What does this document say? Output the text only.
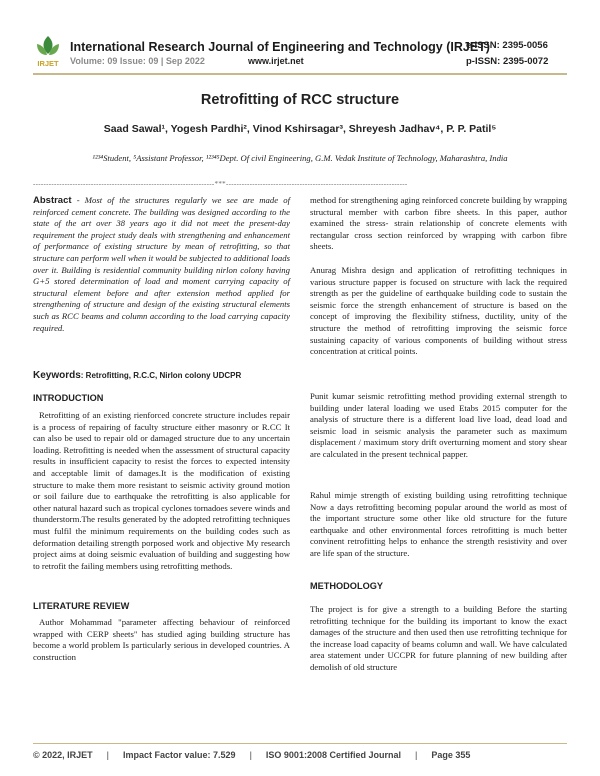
IRJET
International Research Journal of Engineering and Technology (IRJET)
e-ISSN: 2395-0056
Volume: 09 Issue: 09 | Sep 2022	www.irjet.net	p-ISSN: 2395-0072
Retrofitting of RCC structure
Saad Sawal¹, Yogesh Pardhi², Vinod Kshirsagar³, Shreyesh Jadhav⁴, P. P. Patil⁵
¹²³⁴Student, ⁵Assistant Professor, ¹²³⁴⁵Dept. Of civil Engineering, G.M. Vedak Institute of Technology, Maharashtra, India
---------------------------------------------------------------------***---------------------------------------------------------------------
Abstract - Most of the structures regularly we see are made of reinforced cement concrete. The building was designed according to the state of the art over 38 years ago it did not meet the present-day requirement the project study deals with strengthening and enhancement of performance of existing structure by mean of retrofitting, so that structure can perform well when it would be subjected to additional loads over it. Building is residential community building nirlon colony having G+5 stored determination of load and moment carrying capacity of structural element before and after extension method applied for strengthening of structure and design of the existing structural elements such as RCC beams and column according to the load carrying capacity required.
Keywords: Retrofitting, R.C.C, Nirlon colony UDCPR
INTRODUCTION
Retrofitting of an existing rienforced concrete structure includes repair is a process of repairing of faculty structure either masonry or R.CC It can also be used to repair old or damaged structure due to any uncertain loading. Retrofitting is needed when the assessment of structural capacity results in insufficient capacity to resist the forces to expected intensity and acceptable limit of damages.It is the modification of existing structure to make them more resistant to seismic activity ground motion or soil failure due to earthquake the retrofitting is also applicable for other natural hazard such as tropical cyclones tornadoes severe winds and thunderstorm.The results generated by the adopted retrofitting techniques must fulfil the minimum requirements on the building codes such as deformation detailing strength porposed work and objective My research project aims at doing seismic evaluation of building and suggesting how to retrofit the failing members using retrofitting methods.
LITERATURE REVIEW
Author Mohammad "parameter affecting behaviour of reinforced wrapped with CERP sheets" has studied aging building structure has become a world problem Is particularly serious in developed countries. A construction
method for strengthening aging reinforced concrete building by wrapping structural member with carbon fibre sheets. In this paper, author examined the stress- strain relationship of concrete elements with rectangular cross section reinforced by wrapping with carbon fibre sheets.
Anurag Mishra design and application of retrofitting techniques in various structure papper is focused on structure with lack the required strength as per the guideline of earthquake building code to sustain the seismic force the strength enhancement of structure is based on the concept of improving the flexibility stifness, ductility, unity of the structure the method of retrofitting improving the seismic force sustaining capacity of various components of building without stress concentration at critical points.
Punit kumar seismic retrofitting method providing external strength to building under lateral loading we used Etabs 2015 computer for the analysis of structure there is a different load live load, dead load and seismic load in seismic analysis the parameter such as maximum displacement / maximum story drift overturning moment and story shear are calculated in the present technical papper.
Rahul mimje strength of existing building using retrofitting technique Now a days retrofitting becoming popular around the world as most of the important structure some other like old structure for the future earthquake and other environmental forces retrofitting is much better convinent retrofitting helps to enhance the strength resistivity and over are life span of the structure.
METHODOLOGY
The project is for give a strength to a building Before the starting retrofitting technique for the building its important to know the exact damages of the structure and then used then use retrofitting technique for the increase load capacity of beams column and wall. We have calculated area statement under UCCPR for future planning of new building after demolish of old structure
© 2022, IRJET | Impact Factor value: 7.529 | ISO 9001:2008 Certified Journal | Page 355
